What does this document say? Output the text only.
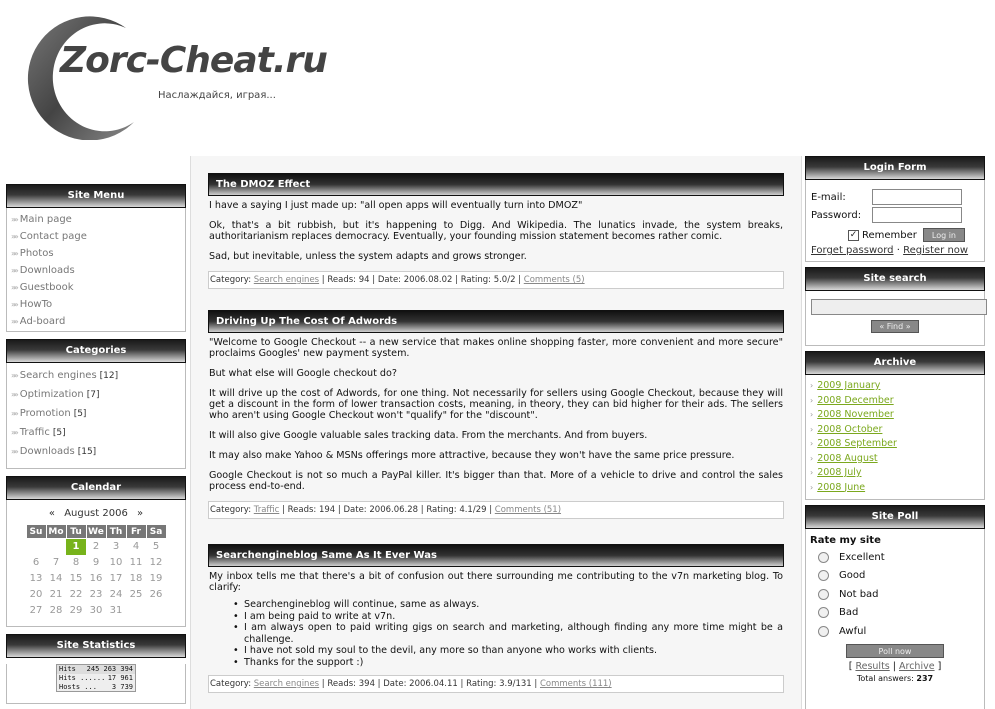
Zorc-Cheat.ru
Наслаждайся, играя...
Site Menu
»» Main page
»» Contact page
»» Photos
»» Downloads
»» Guestbook
»» HowTo
»» Ad-board
Categories
»» Search engines [12]
»» Optimization [7]
»» Promotion [5]
»» Traffic [5]
»» Downloads [15]
Calendar
« August 2006 »
Su	Mo	Tu	We	Th	Fr	Sa
		1	2	3	4	5
6	7	8	9	10	11	12
13	14	15	16	17	18	19
20	21	22	23	24	25	26
27	28	29	30	31		
Site Statistics
Hits 245 263 394
Hits ...... 17 961
Hosts ... 3 739
The DMOZ Effect

I have a saying I just made up: "all open apps will eventually turn into DMOZ"

Ok, that's a bit rubbish, but it's happening to Digg. And Wikipedia. The lunatics invade, the system breaks, authoritarianism replaces democracy. Eventually, your founding mission statement becomes rather comic.

Sad, but inevitable, unless the system adapts and grows stronger.

Category: Search engines | Reads: 94 | Date: 2006.08.02 | Rating: 5.0/2 | Comments (5)
Driving Up The Cost Of Adwords

"Welcome to Google Checkout -- a new service that makes online shopping faster, more convenient and more secure" proclaims Googles' new payment system.

But what else will Google checkout do?

It will drive up the cost of Adwords, for one thing. Not necessarily for sellers using Google Checkout, because they will get a discount in the form of lower transaction costs, meaning, in theory, they can bid higher for their ads. The sellers who aren't using Google Checkout won't "qualify" for the "discount".

It will also give Google valuable sales tracking data. From the merchants. And from buyers.

It may also make Yahoo & MSNs offerings more attractive, because they won't have the same price pressure.

Google Checkout is not so much a PayPal killer. It's bigger than that. More of a vehicle to drive and control the sales process end-to-end.

Category: Traffic | Reads: 194 | Date: 2006.06.28 | Rating: 4.1/29 | Comments (51)
Searchengineblog Same As It Ever Was

My inbox tells me that there's a bit of confusion out there surrounding me contributing to the v7n marketing blog. To clarify:

• Searchengineblog will continue, same as always.
• I am being paid to write at v7n.
• I am always open to paid writing gigs on search and marketing, although finding any more time might be a challenge.
• I have not sold my soul to the devil, any more so than anyone who works with clients.
• Thanks for the support :)
Category: Search engines | Reads: 394 | Date: 2006.04.11 | Rating: 3.9/131 | Comments (111)
Login Form
E-mail:
Password:
✓ Remember	Log in
Forget password · Register now
Site search
« Find »
Archive
› 2009 January
› 2008 December
› 2008 November
› 2008 October
› 2008 September
› 2008 August
› 2008 July
› 2008 June
Site Poll
Rate my site
Excellent
Good
Not bad
Bad
Awful
Poll now
[ Results | Archive ]
Total answers: 237
